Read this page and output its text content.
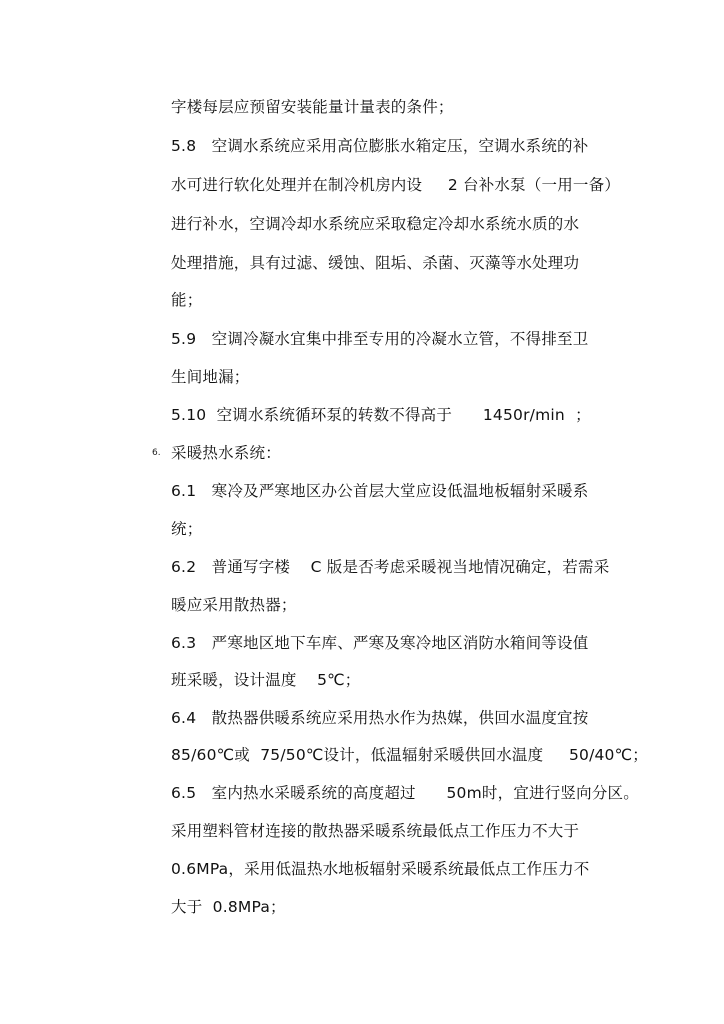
字楼每层应预留安装能量计量表的条件；
5.8   空调水系统应采用高位膨胀水箱定压，空调水系统的补
水可进行软化处理并在制冷机房内设     2 台补水泵（一用一备）
进行补水，空调冷却水系统应采取稳定冷却水系统水质的水
处理措施，具有过滤、缓蚀、阻垢、杀菌、灭藻等水处理功
能；
5.9   空调冷凝水宜集中排至专用的冷凝水立管，不得排至卫
生间地漏；
5.10  空调水系统循环泵的转数不得高于      1450r/min  ；
6. 采暖热水系统：
6.1   寒冷及严寒地区办公首层大堂应设低温地板辐射采暖系
统；
6.2   普通写字楼    C 版是否考虑采暖视当地情况确定，若需采
暖应采用散热器；
6.3   严寒地区地下车库、严寒及寒冷地区消防水箱间等设值
班采暖，设计温度    5℃；
6.4   散热器供暖系统应采用热水作为热媒，供回水温度宜按
85/60℃或  75/50℃设计，低温辐射采暖供回水温度     50/40℃；
6.5   室内热水采暖系统的高度超过      50m时，宜进行竖向分区。
采用塑料管材连接的散热器采暖系统最低点工作压力不大于
0.6MPa，采用低温热水地板辐射采暖系统最低点工作压力不
大于  0.8MPa；
